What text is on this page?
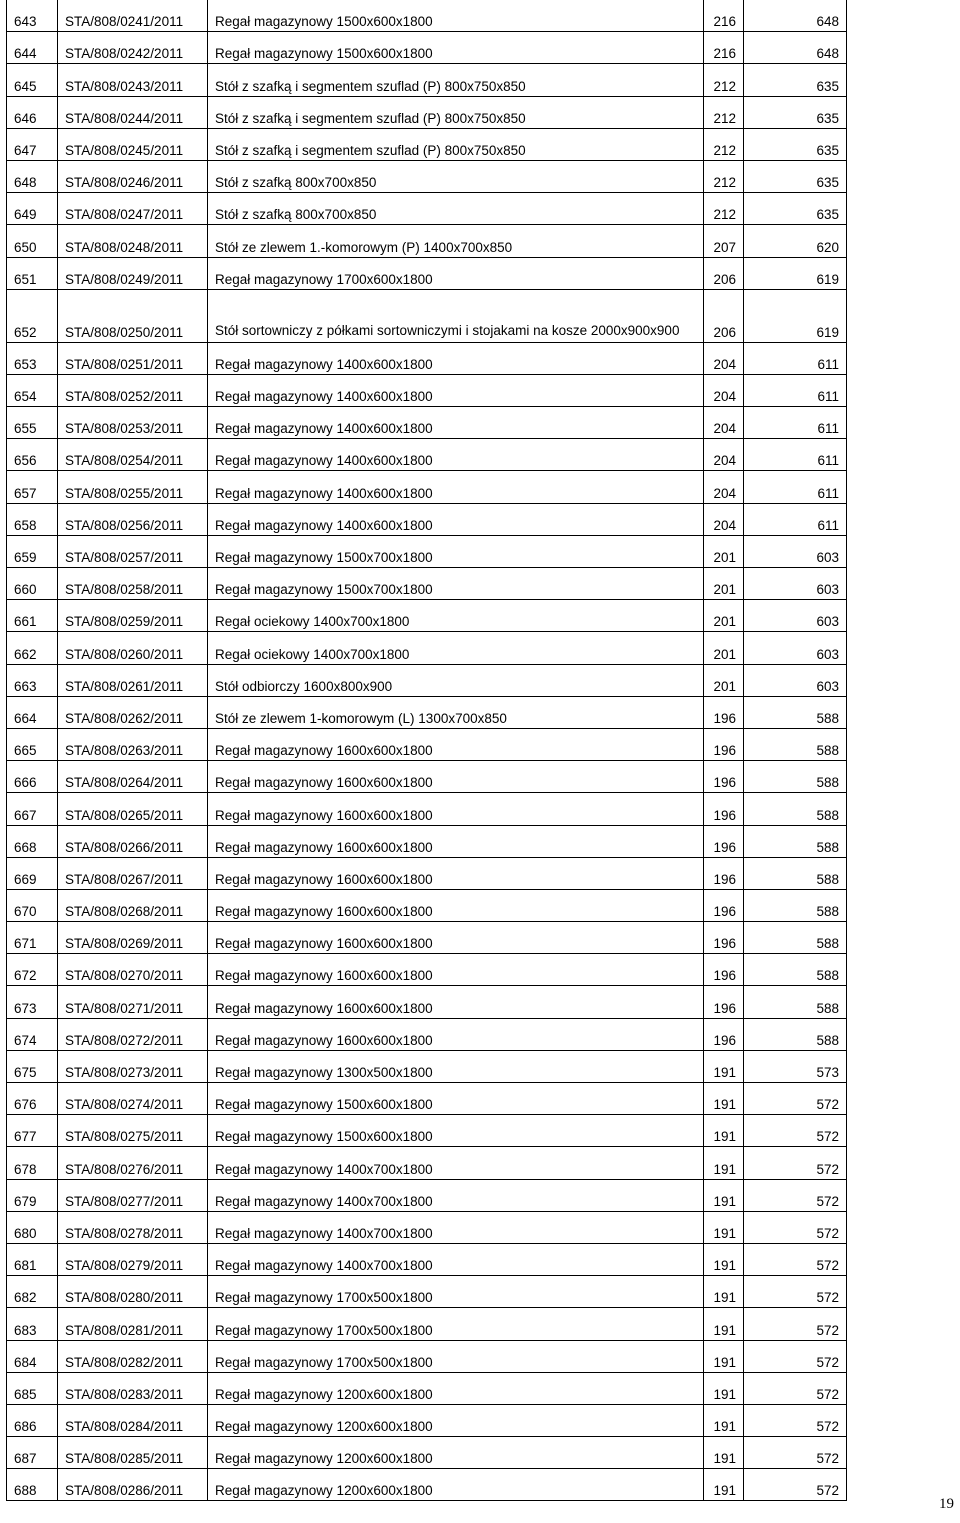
643	STA/808/0241/2011	Regał magazynowy 1500x600x1800	216	648
644	STA/808/0242/2011	Regał magazynowy 1500x600x1800	216	648
645	STA/808/0243/2011	Stół z szafką i segmentem szuflad (P) 800x750x850	212	635
646	STA/808/0244/2011	Stół z szafką i segmentem szuflad (P) 800x750x850	212	635
647	STA/808/0245/2011	Stół z szafką i segmentem szuflad (P) 800x750x850	212	635
648	STA/808/0246/2011	Stół z szafką 800x700x850	212	635
649	STA/808/0247/2011	Stół z szafką 800x700x850	212	635
650	STA/808/0248/2011	Stół ze zlewem 1.-komorowym (P) 1400x700x850	207	620
651	STA/808/0249/2011	Regał magazynowy 1700x600x1800	206	619
652	STA/808/0250/2011	Stół sortowniczy z półkami sortowniczymi i stojakami na kosze 2000x900x900	206	619
653	STA/808/0251/2011	Regał magazynowy 1400x600x1800	204	611
654	STA/808/0252/2011	Regał magazynowy 1400x600x1800	204	611
655	STA/808/0253/2011	Regał magazynowy 1400x600x1800	204	611
656	STA/808/0254/2011	Regał magazynowy 1400x600x1800	204	611
657	STA/808/0255/2011	Regał magazynowy 1400x600x1800	204	611
658	STA/808/0256/2011	Regał magazynowy 1400x600x1800	204	611
659	STA/808/0257/2011	Regał magazynowy 1500x700x1800	201	603
660	STA/808/0258/2011	Regał magazynowy 1500x700x1800	201	603
661	STA/808/0259/2011	Regał ociekowy 1400x700x1800	201	603
662	STA/808/0260/2011	Regał ociekowy 1400x700x1800	201	603
663	STA/808/0261/2011	Stół odbiorczy 1600x800x900	201	603
664	STA/808/0262/2011	Stół ze zlewem 1-komorowym (L) 1300x700x850	196	588
665	STA/808/0263/2011	Regał magazynowy 1600x600x1800	196	588
666	STA/808/0264/2011	Regał magazynowy 1600x600x1800	196	588
667	STA/808/0265/2011	Regał magazynowy 1600x600x1800	196	588
668	STA/808/0266/2011	Regał magazynowy 1600x600x1800	196	588
669	STA/808/0267/2011	Regał magazynowy 1600x600x1800	196	588
670	STA/808/0268/2011	Regał magazynowy 1600x600x1800	196	588
671	STA/808/0269/2011	Regał magazynowy 1600x600x1800	196	588
672	STA/808/0270/2011	Regał magazynowy 1600x600x1800	196	588
673	STA/808/0271/2011	Regał magazynowy 1600x600x1800	196	588
674	STA/808/0272/2011	Regał magazynowy 1600x600x1800	196	588
675	STA/808/0273/2011	Regał magazynowy 1300x500x1800	191	573
676	STA/808/0274/2011	Regał magazynowy 1500x600x1800	191	572
677	STA/808/0275/2011	Regał magazynowy 1500x600x1800	191	572
678	STA/808/0276/2011	Regał magazynowy 1400x700x1800	191	572
679	STA/808/0277/2011	Regał magazynowy 1400x700x1800	191	572
680	STA/808/0278/2011	Regał magazynowy 1400x700x1800	191	572
681	STA/808/0279/2011	Regał magazynowy 1400x700x1800	191	572
682	STA/808/0280/2011	Regał magazynowy 1700x500x1800	191	572
683	STA/808/0281/2011	Regał magazynowy 1700x500x1800	191	572
684	STA/808/0282/2011	Regał magazynowy 1700x500x1800	191	572
685	STA/808/0283/2011	Regał magazynowy 1200x600x1800	191	572
686	STA/808/0284/2011	Regał magazynowy 1200x600x1800	191	572
687	STA/808/0285/2011	Regał magazynowy 1200x600x1800	191	572
688	STA/808/0286/2011	Regał magazynowy 1200x600x1800	191	572
19
